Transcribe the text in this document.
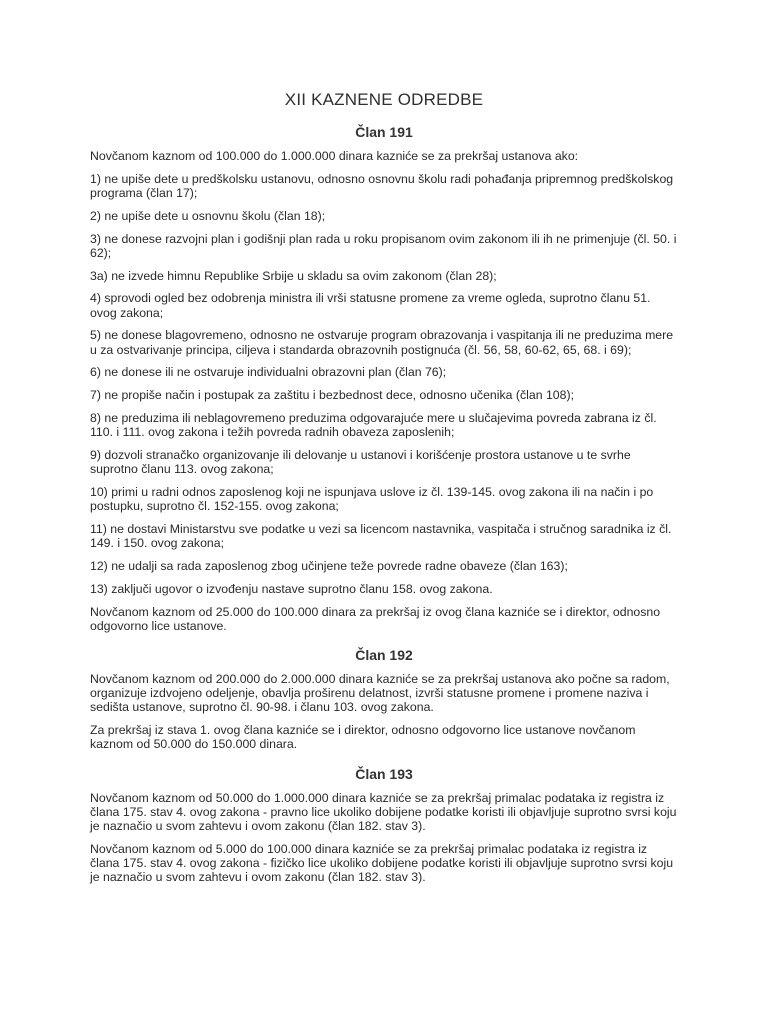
XII KAZNENE ODREDBE
Član 191

Novčanom kaznom od 100.000 do 1.000.000 dinara kazniće se za prekršaj ustanova ako:

1) ne upiše dete u predškolsku ustanovu, odnosno osnovnu školu radi pohađanja pripremnog predškolskog programa (član 17);

2) ne upiše dete u osnovnu školu (član 18);

3) ne donese razvojni plan i godišnji plan rada u roku propisanom ovim zakonom ili ih ne primenjuje (čl. 50. i 62);

3a) ne izvede himnu Republike Srbije u skladu sa ovim zakonom (član 28);

4) sprovodi ogled bez odobrenja ministra ili vrši statusne promene za vreme ogleda, suprotno članu 51. ovog zakona;

5) ne donese blagovremeno, odnosno ne ostvaruje program obrazovanja i vaspitanja ili ne preduzima mere u za ostvarivanje principa, ciljeva i standarda obrazovnih postignuća (čl. 56, 58, 60-62, 65, 68. i 69);

6) ne donese ili ne ostvaruje individualni obrazovni plan (član 76);

7) ne propiše način i postupak za zaštitu i bezbednost dece, odnosno učenika (član 108);

8) ne preduzima ili neblagovremeno preduzima odgovarajuće mere u slučajevima povreda zabrana iz čl. 110. i 111. ovog zakona i težih povreda radnih obaveza zaposlenih;

9) dozvoli stranačko organizovanje ili delovanje u ustanovi i korišćenje prostora ustanove u te svrhe suprotno članu 113. ovog zakona;

10) primi u radni odnos zaposlenog koji ne ispunjava uslove iz čl. 139-145. ovog zakona ili na način i po postupku, suprotno čl. 152-155. ovog zakona;

11) ne dostavi Ministarstvu sve podatke u vezi sa licencom nastavnika, vaspitača i stručnog saradnika iz čl. 149. i 150. ovog zakona;

12) ne udalji sa rada zaposlenog zbog učinjene teže povrede radne obaveze (član 163);

13) zaključi ugovor o izvođenju nastave suprotno članu 158. ovog zakona.

Novčanom kaznom od 25.000 do 100.000 dinara za prekršaj iz ovog člana kazniće se i direktor, odnosno odgovorno lice ustanove.

Član 192

Novčanom kaznom od 200.000 do 2.000.000 dinara kazniće se za prekršaj ustanova ako počne sa radom, organizuje izdvojeno odeljenje, obavlja proširenu delatnost, izvrši statusne promene i promene naziva i sedišta ustanove, suprotno čl. 90-98. i članu 103. ovog zakona.

Za prekršaj iz stava 1. ovog člana kazniće se i direktor, odnosno odgovorno lice ustanove novčanom kaznom od 50.000 do 150.000 dinara.

Član 193

Novčanom kaznom od 50.000 do 1.000.000 dinara kazniće se za prekršaj primalac podataka iz registra iz člana 175. stav 4. ovog zakona - pravno lice ukoliko dobijene podatke koristi ili objavljuje suprotno svrsi koju je naznačio u svom zahtevu i ovom zakonu (član 182. stav 3).

Novčanom kaznom od 5.000 do 100.000 dinara kazniće se za prekršaj primalac podataka iz registra iz člana 175. stav 4. ovog zakona - fizičko lice ukoliko dobijene podatke koristi ili objavljuje suprotno svrsi koju je naznačio u svom zahtevu i ovom zakonu (član 182. stav 3).
